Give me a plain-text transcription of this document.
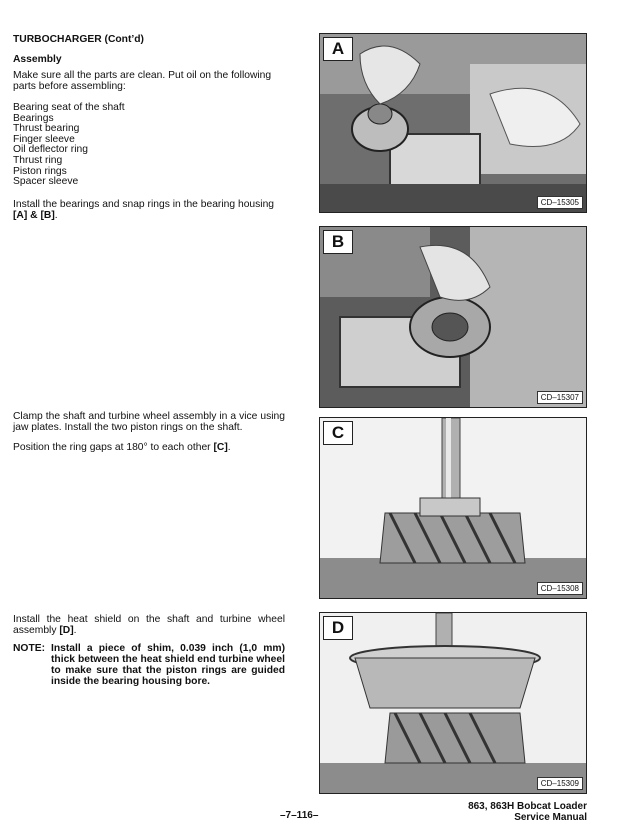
TURBOCHARGER (Cont’d)
Assembly

Make sure all the parts are clean. Put oil on the following parts before assembling:

Bearing seat of the shaft
Bearings
Thrust bearing
Finger sleeve
Oil deflector ring
Thrust ring
Piston rings
Spacer sleeve

Install the bearings and snap rings in the bearing housing [A] & [B].

Clamp the shaft and turbine wheel assembly in a vice using jaw plates. Install the two piston rings on the shaft.

Position the ring gaps at 180° to each other [C].

Install the heat shield on the shaft and turbine wheel assembly [D].

NOTE: Install a piece of shim, 0.039 inch (1,0 mm) thick between the heat shield end turbine wheel to make sure that the piston rings are guided inside the bearing housing bore.
A
CD–15305
B
CD–15307
C
CD–15308
D
CD–15309
–7–116–
863, 863H Bobcat Loader
Service Manual
